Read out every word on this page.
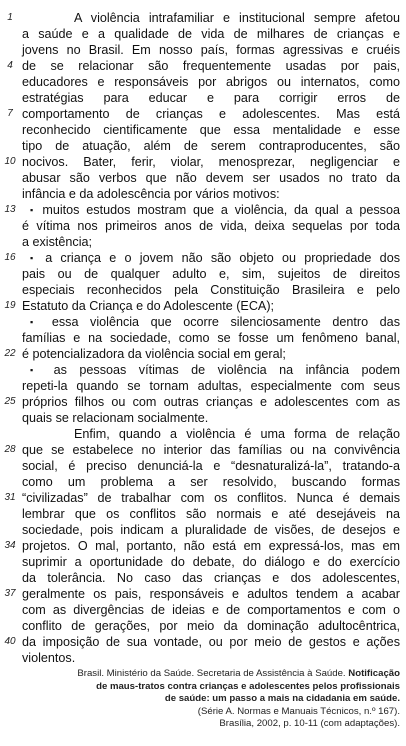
A violência intrafamiliar e institucional sempre afetou
a saúde e a qualidade de vida de milhares de crianças e
jovens no Brasil. Em nosso país, formas agressivas e cruéis
de se relacionar são frequentemente usadas por pais,
educadores e responsáveis por abrigos ou internatos, como
estratégias para educar e para corrigir erros de
comportamento de crianças e adolescentes. Mas está
reconhecido cientificamente que essa mentalidade e esse
tipo de atuação, além de serem contraproducentes, são
nocivos. Bater, ferir, violar, menosprezar, negligenciar e
abusar são verbos que não devem ser usados no trato da
infância e da adolescência por vários motivos:
▪ muitos estudos mostram que a violência, da qual a pessoa
é vítima nos primeiros anos de vida, deixa sequelas por toda
a existência;
▪ a criança e o jovem não são objeto ou propriedade dos
pais ou de qualquer adulto e, sim, sujeitos de direitos
especiais reconhecidos pela Constituição Brasileira e pelo
Estatuto da Criança e do Adolescente (ECA);
▪ essa violência que ocorre silenciosamente dentro das
famílias e na sociedade, como se fosse um fenômeno banal,
é potencializadora da violência social em geral;
▪ as pessoas vítimas de violência na infância podem
repeti-la quando se tornam adultas, especialmente com seus
próprios filhos ou com outras crianças e adolescentes com as
quais se relacionam socialmente.
Enfim, quando a violência é uma forma de relação
que se estabelece no interior das famílias ou na convivência
social, é preciso denunciá-la e “desnaturalizá-la”, tratando-a
como um problema a ser resolvido, buscando formas
“civilizadas” de trabalhar com os conflitos. Nunca é demais
lembrar que os conflitos são normais e até desejáveis na
sociedade, pois indicam a pluralidade de visões, de desejos e
projetos. O mal, portanto, não está em expressá-los, mas em
suprimir a oportunidade do debate, do diálogo e do exercício
da tolerância. No caso das crianças e dos adolescentes,
geralmente os pais, responsáveis e adultos tendem a acabar
com as divergências de ideias e de comportamentos e com o
conflito de gerações, por meio da dominação adultocêntrica,
da imposição de sua vontade, ou por meio de gestos e ações
violentos.
1
4
7
10
13
16
19
22
25
28
31
34
37
40
Brasil. Ministério da Saúde. Secretaria de Assistência à Saúde. Notificação
de maus-tratos contra crianças e adolescentes pelos profissionais
de saúde: um passo a mais na cidadania em saúde.
(Série A. Normas e Manuais Técnicos, n.º 167).
Brasília, 2002, p. 10-11 (com adaptações).
